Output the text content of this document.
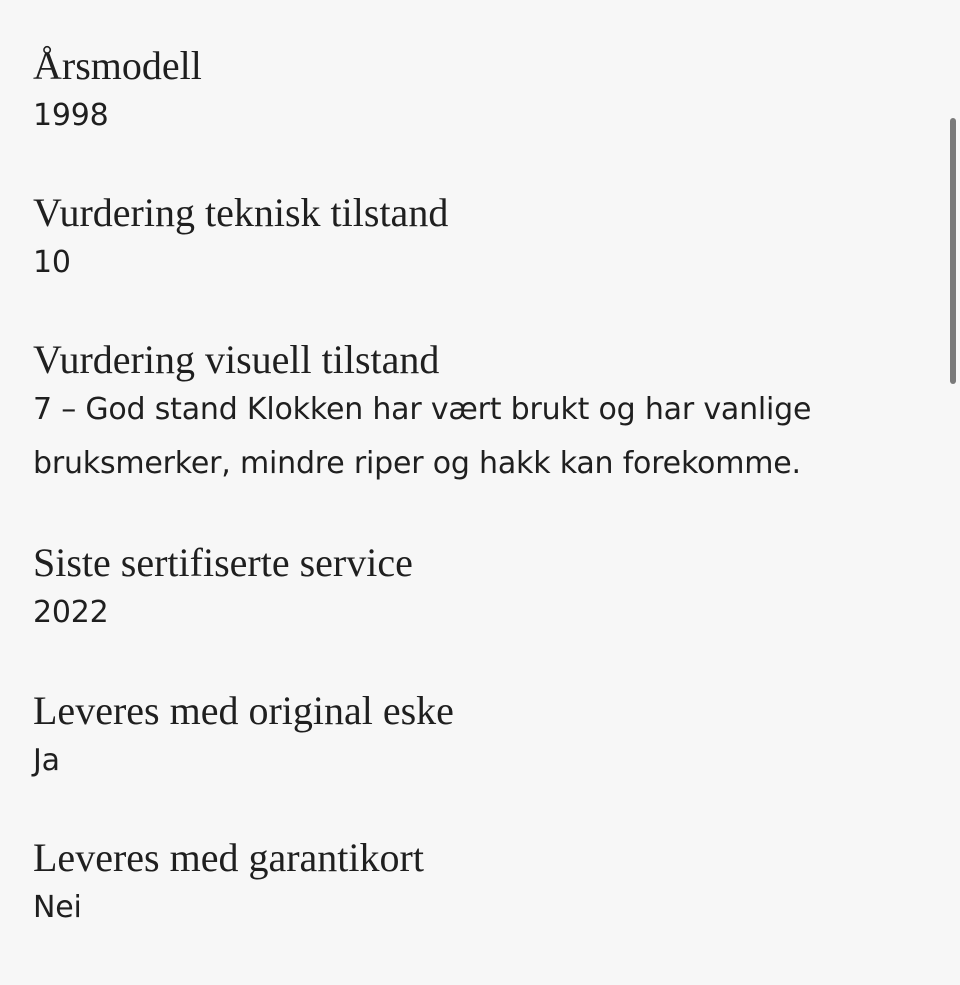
Årsmodell
1998
Vurdering teknisk tilstand
10
Vurdering visuell tilstand
7 – God stand Klokken har vært brukt og har vanlige bruksmerker, mindre riper og hakk kan forekomme.
Siste sertifiserte service
2022
Leveres med original eske
Ja
Leveres med garantikort
Nei
